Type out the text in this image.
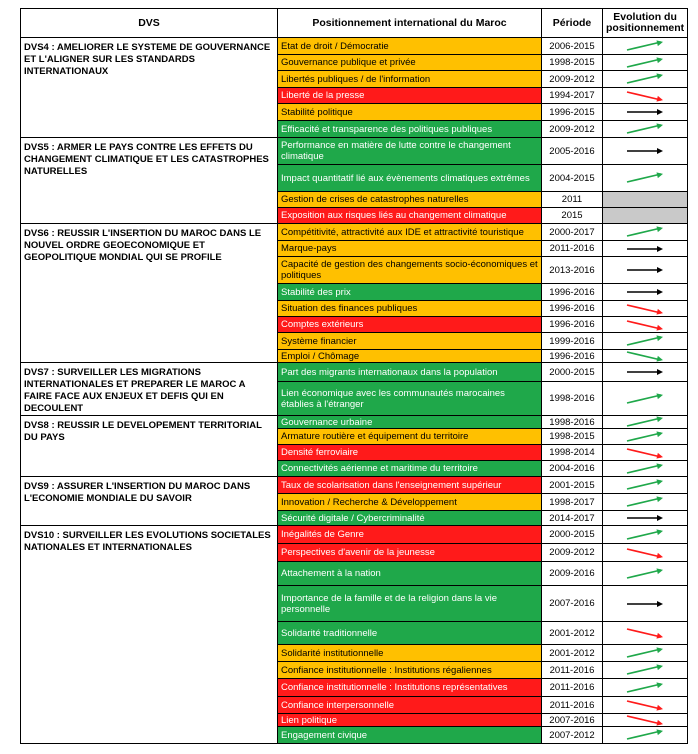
DVS	Positionnement international du Maroc	Période	Evolution du positionnement
DVS4 : AMELIORER LE SYSTEME DE GOUVERNANCE ET L'ALIGNER SUR LES STANDARDS INTERNATIONAUX	Etat de droit / Démocratie	2006-2015	

	Gouvernance publique et privée	1998-2015	

	Libertés publiques / de l'information	2009-2012	

	Liberté de la presse	1994-2017	

	Stabilité politique	1996-2015	

	Efficacité et transparence des politiques publiques	2009-2012	

DVS5 : ARMER LE PAYS CONTRE LES EFFETS DU CHANGEMENT CLIMATIQUE ET LES CATASTROPHES NATURELLES	Performance en matière de lutte contre le changement climatique	2005-2016	

	Impact quantitatif lié aux évènements climatiques extrêmes	2004-2015	

	Gestion de crises de catastrophes naturelles	2011	
	Exposition aux risques liés au changement climatique	2015	
DVS6 : REUSSIR L'INSERTION DU MAROC DANS LE NOUVEL ORDRE GEOECONOMIQUE ET GEOPOLITIQUE MONDIAL QUI SE PROFILE	Compétitivité, attractivité aux IDE et attractivité touristique	2000-2017	

	Marque-pays	2011-2016	

	Capacité de gestion des changements socio-économiques et politiques	2013-2016	

	Stabilité des prix	1996-2016	

	Situation des finances publiques	1996-2016	

	Comptes extérieurs	1996-2016	

	Système financier	1999-2016	

	Emploi / Chômage	1996-2016	

DVS7 : SURVEILLER LES MIGRATIONS INTERNATIONALES ET PREPARER LE MAROC A FAIRE FACE AUX ENJEUX ET DEFIS QUI EN DECOULENT	Part des migrants internationaux dans la population	2000-2015	

	Lien économique avec les communautés marocaines établies à l'étranger	1998-2016	

DVS8 : REUSSIR LE DEVELOPEMENT TERRITORIAL DU PAYS	Gouvernance urbaine	1998-2016	

	Armature routière et équipement du territoire	1998-2015	

	Densité ferroviaire	1998-2014	

	Connectivités aérienne et maritime du territoire	2004-2016	

DVS9 : ASSURER L'INSERTION DU MAROC DANS L'ECONOMIE MONDIALE DU SAVOIR	Taux de scolarisation dans l'enseignement supérieur	2001-2015	

	Innovation / Recherche & Développement	1998-2017	

	Sécurité digitale / Cybercriminalité	2014-2017	

DVS10 : SURVEILLER LES EVOLUTIONS SOCIETALES NATIONALES ET INTERNATIONALES	Inégalités de Genre	2000-2015	

	Perspectives d'avenir de la jeunesse	2009-2012	

	Attachement à la nation	2009-2016	

	Importance de la famille et de la religion dans la vie personnelle	2007-2016	

	Solidarité traditionnelle	2001-2012	

	Solidarité institutionnelle	2001-2012	

	Confiance institutionnelle : Institutions régaliennes	2011-2016	

	Confiance institutionnelle : Institutions représentatives	2011-2016	

	Confiance interpersonnelle	2011-2016	

	Lien politique	2007-2016	

	Engagement civique	2007-2012	
